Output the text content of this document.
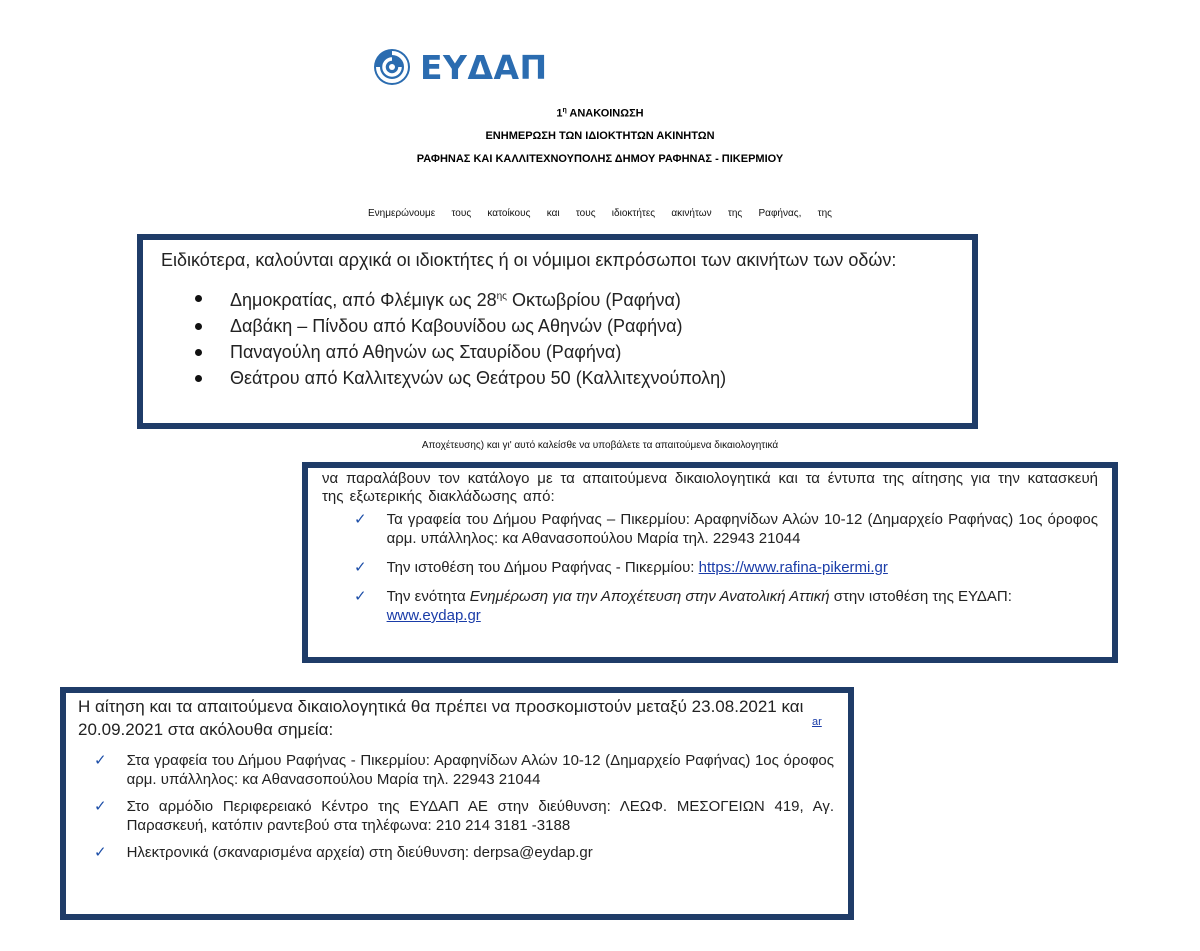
ΕΥΔΑΠ
$1^\eta$ ΑΝΑΚΟΙΝΩΣΗ
ΕΝΗΜΕΡΩΣΗ ΤΩΝ ΙΔΙΟΚΤΗΤΩΝ ΑΚΙΝΗΤΩΝ
ΡΑΦΗΝΑΣ ΚΑΙ ΚΑΛΛΙΤΕΧΝΟΥΠΟΛΗΣ ΔΗΜΟΥ ΡΑΦΗΝΑΣ - ΠΙΚΕΡΜΙΟΥ
Ενημερώνουμε τους κατοίκους και τους ιδιοκτήτες ακινήτων της Ραφήνας, της
Ειδικότερα, καλούνται αρχικά οι ιδιοκτήτες ή οι νόμιμοι εκπρόσωποι των ακινήτων των οδών:
Δημοκρατίας, από Φλέμιγκ ως $28^{\eta\varsigma}$ Οκτωβρίου (Ραφήνα)
Δαβάκη – Πίνδου από Καβουνίδου ως Αθηνών (Ραφήνα)
Παναγούλη από Αθηνών ως Σταυρίδου (Ραφήνα)
Θεάτρου από Καλλιτεχνών ως Θεάτρου 50 (Καλλιτεχνούπολη)
Αποχέτευσης) και γι' αυτό καλείσθε να υποβάλετε τα απαιτούμενα δικαιολογητικά
να παραλάβουν τον κατάλογο με τα απαιτούμενα δικαιολογητικά και τα έντυπα της αίτησης για την κατασκευή της εξωτερικής διακλάδωσης από:
✓ Τα γραφεία του Δήμου Ραφήνας – Πικερμίου: Αραφηνίδων Αλών 10-12 (Δημαρχείο Ραφήνας) 1ος όροφος αρμ. υπάλληλος: κα Αθανασοπούλου Μαρία τηλ. 22943 21044
✓ Την ιστοθέση του Δήμου Ραφήνας - Πικερμίου: https://www.rafina-pikermi.gr
✓ Την ενότητα Ενημέρωση για την Αποχέτευση στην Ανατολική Αττική στην ιστοθέση της ΕΥΔΑΠ: www.eydap.gr
Η αίτηση και τα απαιτούμενα δικαιολογητικά θα πρέπει να προσκομιστούν μεταξύ 23.08.2021 και 20.09.2021 στα ακόλουθα σημεία:
✓ Στα γραφεία του Δήμου Ραφήνας - Πικερμίου: Αραφηνίδων Αλών 10-12 (Δημαρχείο Ραφήνας) 1ος όροφος αρμ. υπάλληλος: κα Αθανασοπούλου Μαρία τηλ. 22943 21044
✓ Στο αρμόδιο Περιφερειακό Κέντρο της ΕΥΔΑΠ ΑΕ στην διεύθυνση: ΛΕΩΦ. ΜΕΣΟΓΕΙΩΝ 419, Αγ. Παρασκευή, κατόπιν ραντεβού στα τηλέφωνα: 210 214 3181 -3188
✓ Ηλεκτρονικά (σκαναρισμένα αρχεία) στη διεύθυνση: derpsa@eydap.gr
ar
